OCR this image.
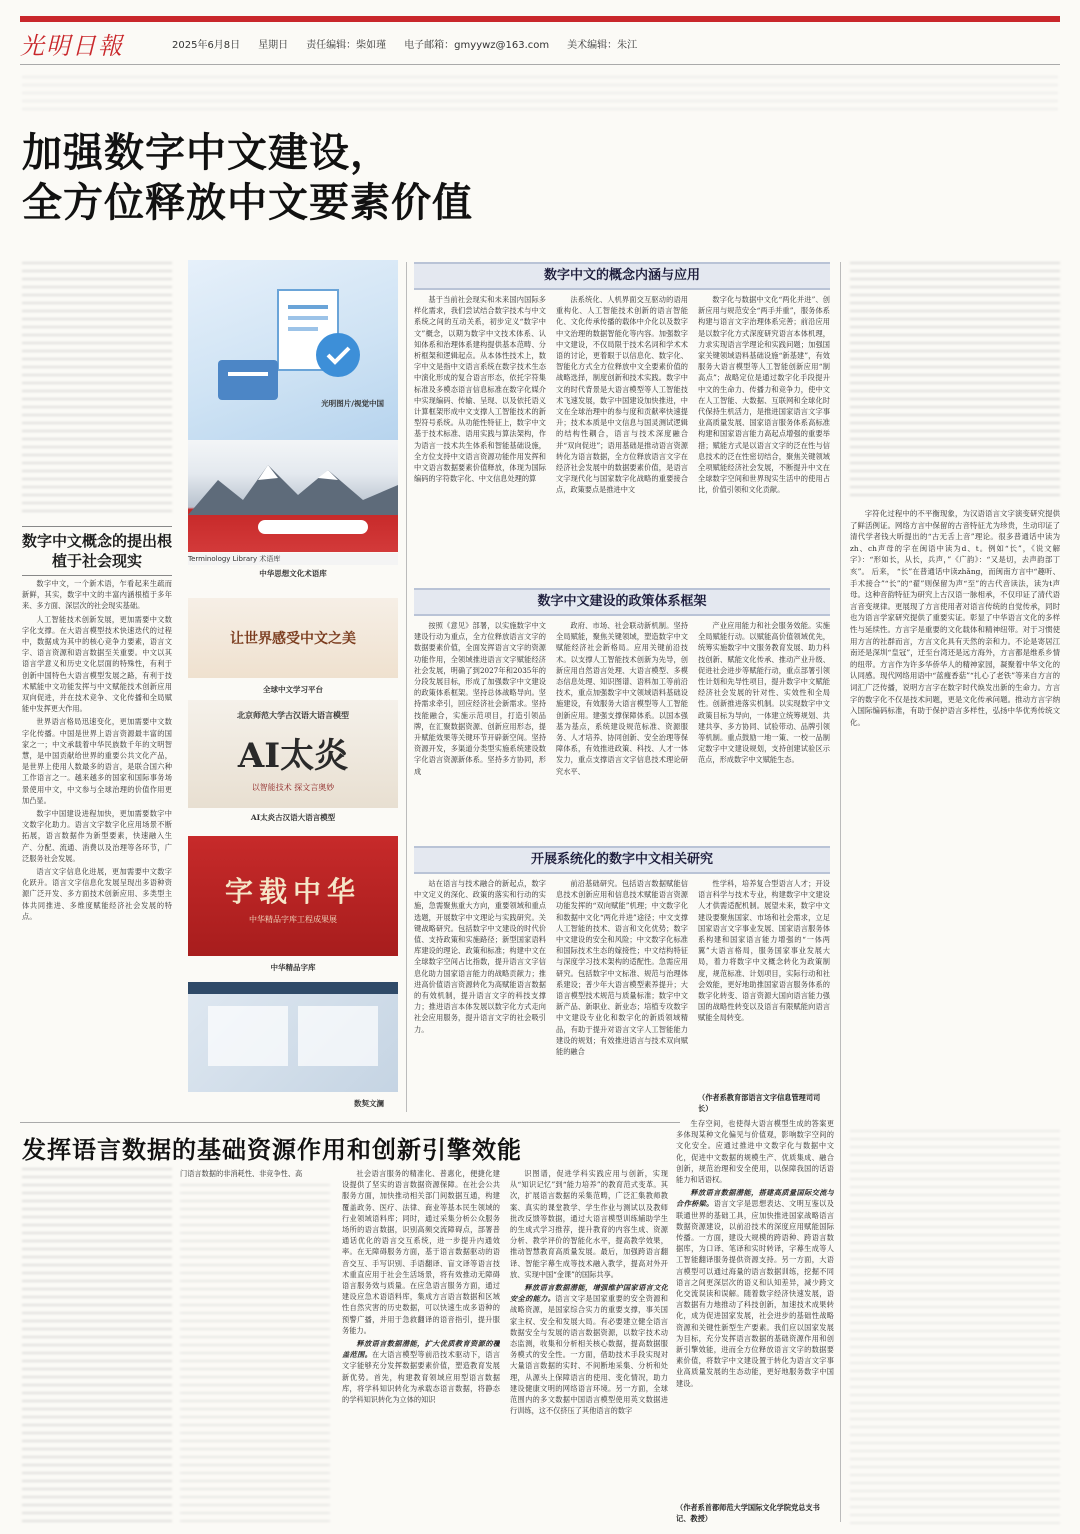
光明日報	2025年6月8日 星期日 责任编辑：柴如瑾 电子邮箱：gmyywz@163.com 美术编辑：朱江
加强数字中文建设，
全方位释放中文要素价值
数字中文概念的提出根植于社会现实

数字中文，一个新术语，乍看起来生疏而新鲜，其实，数字中文的丰富内涵根植于多年来、多方面、深层次的社会现实基础。

人工智能技术创新发展，更加需要中文数字化支撑。在大语言模型技术快速迭代的过程中，数据成为其中的核心竞争力要素，语言文字、语言资源和语言数据至关重要。中文以其语言学意义和历史文化层面的特殊性，有利于创新中国特色大语言模型发展之路，有利于技术赋能中文功能发挥与中文赋能技术创新应用双向促进，并在技术竞争、文化传播和全局赋能中发挥更大作用。

世界语言格局迅速变化，更加需要中文数字化传播。中国是世界上语言资源最丰富的国家之一；中文承载着中华民族数千年的文明智慧，是中国贡献给世界的重要公共文化产品，是世界上使用人数最多的语言，是联合国六种工作语言之一。越来越多的国家和国际事务场景使用中文，中文参与全球治理的价值作用更加凸显。

数字中国建设进程加快，更加需要数字中文数字化助力。语言文字数字化应用场景不断拓展，语言数据作为新型要素，快速融入生产、分配、流通、消费以及治理等各环节，广泛服务社会发展。

语言文字信息化进展，更加需要中文数字化跃升。语言文字信息化发展呈现出多语种资源广泛开发、多方面技术创新应用、多类型主体共同推进、多维度赋能经济社会发展的特点。

光明图片/视觉中国
Terminology Library 术语库
中华思想文化术语库
让世界感受中文之美
全球中文学习平台
北京师范大学古汉语大语言模型
AI太炎
以智能技术 探文言奥妙
AI太炎古汉语大语言模型
字载中华
中华精品字库工程成果展
中华精品字库
数契文澜
数字中文的概念内涵与应用

基于当前社会现实和未来国内国际多样化需求，我们尝试结合数字技术与中文系统之间的互动关系，初步定义“数字中文”概念，以期为数字中文技术体系、认知体系和治理体系建构提供基本范畴、分析框架和逻辑起点。从本体性技术上，数字中文是指中文语言系统在数字技术生态中演化形成的复合语言形态，依托字符集标准及多模态语言信息标准在数字化媒介中实现编码、传输、呈现、以及依托语义计算框架形成中文支撑人工智能技术的新型符号系统。从功能性特征上，数字中文基于技术标准、语用实践与算法架构，作为语言一技术共生体系和智能基础设施，全方位支持中文语言资源功能作用发挥和中文语言数据要素价值释放，体现为国际编码的字符数字化、中文信息处理的算

法系统化、人机界面交互驱动的语用重构化、人工智能技术创新的语言智能化、文化传承传播的载体中介化以及数字中文治理的数据智能化等内容。加强数字中文建设，不仅局限于技术名词和学术术语的讨论，更着眼于以信息化、数字化、智能化方式全方位释放中文全要素价值的战略选择，制度创新和技术实践。数字中文的时代背景是大语言模型等人工智能技术飞速发展，数字中国建设加快推进，中文在全球治理中的参与度和贡献率快速提升；技术本质是中文信息与国灵测试逻辑的结构性耦合，语言与技术深度融合并“双向促进”；语用基础是推动语言资源转化为语言数据，全方位释放语言文字在经济社会发展中的数据要素价值，是语言文字现代化与国家数字化战略的重要接合点，政策要点是推进中文

数字化与数据中文化“两化并进”、创新应用与规范安全“两手并重”，服务体系构建与语言文字治理体系完善；前沿应用是以数字化方式深度研究语言本体机理，力求实现语言学理论和实践问题；加强国家关键领域语料基础设施“新基建”，有效服务大语言模型等人工智能创新应用“制高点”；战略定位是通过数字化手段提升中文的生命力、传播力和竞争力，使中文在人工智能、大数据、互联网和全球化时代保持生机活力，是推进国家语言文字事业高质量发展、国家语言服务体系高标准构建和国家语言能力高起点增强的重要举措；赋能方式是以语言文字的泛在性与信息技术的泛在性密切结合，聚焦关键领域全项赋能经济社会发展，不断提升中文在全球数字空间和世界现实生活中的使用占比，价值引领和文化贡献。

数字中文建设的政策体系框架

按照《意见》部署，以实施数字中文建设行动为重点，全方位释放语言文字的数据要素价值，全面发挥语言文字的资源功能作用，全领域推进语言文字赋能经济社会发展，明确了到2027年和2035年的分段发展目标，形成了加强数字中文建设的政策体系框架。坚持总体战略导向。坚持需求牵引，回应经济社会新需求。坚持技能融合，实施示范项目，打造引领品牌，在汇聚数据资源、创新应用形态，提升赋能效果等关键环节开辟新空间。坚持资源开发，多渠道分类型实施系统建设数字化语言资源新体系。坚持多方协同，形成

政府、市场、社会联动新机制。坚持全局赋能，聚焦关键领域，塑造数字中文赋能经济社会新格局。应用关键前沿技术。以支撑人工智能技术创新为先导，创新应用自然语言处理、大语言模型、多模态信息处理、知识图谱、语料加工等前沿技术，重点加强数字中文领域语料基础设施建设，有效服务大语言模型等人工智能创新应用。建强支撑保障体系。以国本强基为基点，系统建设规范标准、资源服务、人才培养、协同创新、安全治理等保障体系，有效推进政策、科技、人才一体发力，重点支撑语言文字信息技术理论研究水平、

产业应用能力和社会服务效能。实施全局赋能行动。以赋能高价值领域优先，统筹实施数字中文服务教育发展、助力科技创新、赋能文化传承、推动产业升级、促进社会进步等赋能行动，重点部署引领性计划和先导性项目，提升数字中文赋能经济社会发展的针对性、实效性和全局性。创新推进落实机制。以实现数字中文政策目标为导向，一体建立统筹规划、共建共享、多方协同、试验带动、品牌引领等机制。重点鼓励一地一策、一校一品制定数字中文建设规划，支持创建试验区示范点，形成数字中文赋能生态。

开展系统化的数字中文相关研究

站在语言与技术融合的新起点，数字中文定义的深化、政策的落实和行动的实施，急需聚焦重大方向，重要领域和重点选题，开展数字中文理论与实践研究。关键战略研究。包括数字中文建设的时代价值、支持政策和实施路径；新型国家语料库建设的理论、政策和标准；构建中文在全球数字空间占比指数，提升语言文字信息化助力国家语言能力的战略贡献力；推进高价值语言资源转化为高赋能语言数据的有效机制，提升语言文字的科技支撑力；推进语言本体发展以数字化方式走向社会应用服务，提升语言文字的社会吸引力。

前沿基础研究。包括语言数据赋能信息技术创新应用和信息技术赋能语言资源功能发挥的“双向赋能”机理；中文数字化和数据中文化“两化并进”途径；中文支撑人工智能的技术、语言和文化优势；数字中文建设的安全和风险；中文数字化标准和国际技术生态的嫁接性；中文结构特征与深度学习技术架构的适配性。急需应用研究。包括数字中文标准、规范与治理体系建设；普少年大语言模型素养提升；大语言模型技术规范与质量标准；数字中文新产品、新职业、新业态；培植专攻数字中文建设专业化和数字化的新质领域精品，有助于提升对语言文字人工智能能力建设的规划；有效推进语言与技术双向赋能的融合

性学科，培养复合型语言人才；开设语言科学与技术专业，构建数字中文建设人才供需适配机制。展望未来，数字中文建设要聚焦国家、市场和社会需求，立足国家语言文字事业发展、国家语言服务体系构建和国家语言能力增强的“一体两翼”大语言格局，服务国家事业发展大局，着力将数字中文概念转化为政策制度，规范标准、计划项目，实际行动和社会效能，更好地助推国家语言服务体系的数字化转变、语言资源大国向语言能力强国的战略性转变以及语言有限赋能向语言赋能全局转变。

（作者系教育部语言文字信息管理司司长）

字符化过程中的不平衡现象，为汉语语言文字演变研究提供了鲜活例证。网络方言中保留的古音特征尤为珍贵，生动印证了清代学者钱大昕提出的“古无舌上音”理论。很多普通话中读为zh、ch声母的字在闽语中读为d、t。例如“长”，《说文解字》：“形如长，从长，兵声，”《广韵》：“又是切，去声韵部丁亥”。 后来， “长”在普通话中读zhǎng，而闽南方言中“趣听、手术接合”“长”的“翟”则保留为声“至”的古代音读法，读为t声母。这种音韵特征为研究上古汉语一脉相承，不仅印证了清代语言音变规律。更展现了方言使用者对语言传统的自觉传承，同时也为语言学家研究提供了重要实证。彰显了中华语言文化的多样性与延续性。方言字是重要的文化载体和精神纽带。对于习惯使用方言的社群而言，方言文化具有天然的亲和力。不论是寄居江南还是深圳“皇冠”，迁至台湾还是远方海外，方言都是维系乡情的纽带。方言作为许多华侨华人的精神家园，凝聚着中华文化的认同感。现代网络用语中“蓝瘦香菇”“扎心了老铁”等来自方言的词汇广泛传播，说明方言字在数字时代焕发出新的生命力。方言字的数字化不仅是技术问题，更是文化传承问题。推动方言字纳入国际编码标准，有助于保护语言多样性，弘扬中华优秀传统文化。

发挥语言数据的基础资源作用和创新引擎效能

门语言数据的非消耗性、非竞争性、高	社会语言服务的精准化、普惠化，便捷化建设提供了坚实的语言数据资源保障。在社会公共服务方面，加快推动相关部门间数据互通，构建覆盖政务、医疗、法律、商业等基本民生领域的行业领域语料库；同时，通过采集分析公众服务场所的语言数据，识别高频交流障碍点，部署普通话优化的语言交互系统，进一步提升内通效率。在无障碍服务方面，基于语言数据驱动的语音交互、手写识别、手语翻译、盲文译等语言技术重直应用于社会生活场景，将有效推动无障碍语言服务效与质量。在应急语言服务方面，通过建设应急术语语料库，集成方言语言数据和区域性自然灾害的历史数据，可以快速生成多语种的预警广播，并用于急救翻译的语音指引，提升服务能力。

释放语言数据潜能，扩大优质教育资源的覆盖范围。在大语言模型等前沿技术驱动下，语言文字能够充分发挥数据要素价值，塑造教育发展新优势。首先，构建教育领域应用型语言数据库，将学科知识转化为承载态语言数据，将静态的学科知识转化为立体的知识

识图谱，促进学科实践应用与创新，实现从“知识记忆”到“能力培养”的教育范式变革。其次，扩展语言数据的采集范畴，广泛汇集教师教案、真实的课堂教学、学生作业与测试以及教师批改反馈等数据，通过大语言模型训练辅助学生的生成式学习推荐，提升教育的内容生成、资源分析、教学评价的智能化水平，提高教学效果，推动智慧教育高质量发展。最后，加强跨语言翻译、智能字幕生成等技术融入教学，提高对外开放、实现中国“金课”的国际共享。

释放语言数据潜能，增强维护国家语言文化安全的能力。语言文字是国家重要的安全资源和战略资源，是国家综合实力的重要支撑，事关国家主权、安全和发展大局。有必要建立健全语言数据安全与发展的语言数据资源，以数字技术动态监测，收集和分析相关核心数据，提高数据服务模式的安全性。一方面，借助技术手段实现对大量语言数据的实时、不间断地采集、分析和处理，从源头上保障语言的使用、变化情况，助力建设健康文明的网络语言环境。另一方面，全球范围内的多文数据中国语言模型使用英文数据进行训练，这不仅挤压了其他语言的数字

生存空间，也使得大语言模型生成的答案更多体现某种文化偏见与价值观，影响数字空间的文化安全。应通过推进中文数字化与数据中文化，促进中文数据的规模生产、优质集成、融合创新，规范治理和安全使用，以保障我国的话语能力和话语权。

释放语言数据潜能，搭建高质量国际交流与合作桥梁。语言文字是思想表达、文明互鉴以及联通世界的基础工具，应加快推进国家战略语言数据资源建设，以前沿技术的深度应用赋能国际传播。一方面，建设大规模的跨语种、跨语言数据库，为口译、笔译和实时转译，字幕生成等人工智能翻译服务提供资源支持。另一方面，大语言模型可以通过海量的语言数据训练，挖掘不同语言之间更深层次的语义和认知差异，减少跨文化交流误读和误解。随着数字经济快速发展，语言数据有力地推动了科技创新，加速技术成果转化，成为促进国家发展，社会进步的基础性战略资源和关键性新型生产要素。我们应以国家发展为目标，充分发挥语言数据的基础资源作用和创新引擎效能，进而全方位释放语言文字的数据要素价值，将数字中文建设置于转化为语言文字事业高质量发展的生态动能，更好地服务数字中国建设。

（作者系首都师范大学国际文化学院党总支书记、教授）
